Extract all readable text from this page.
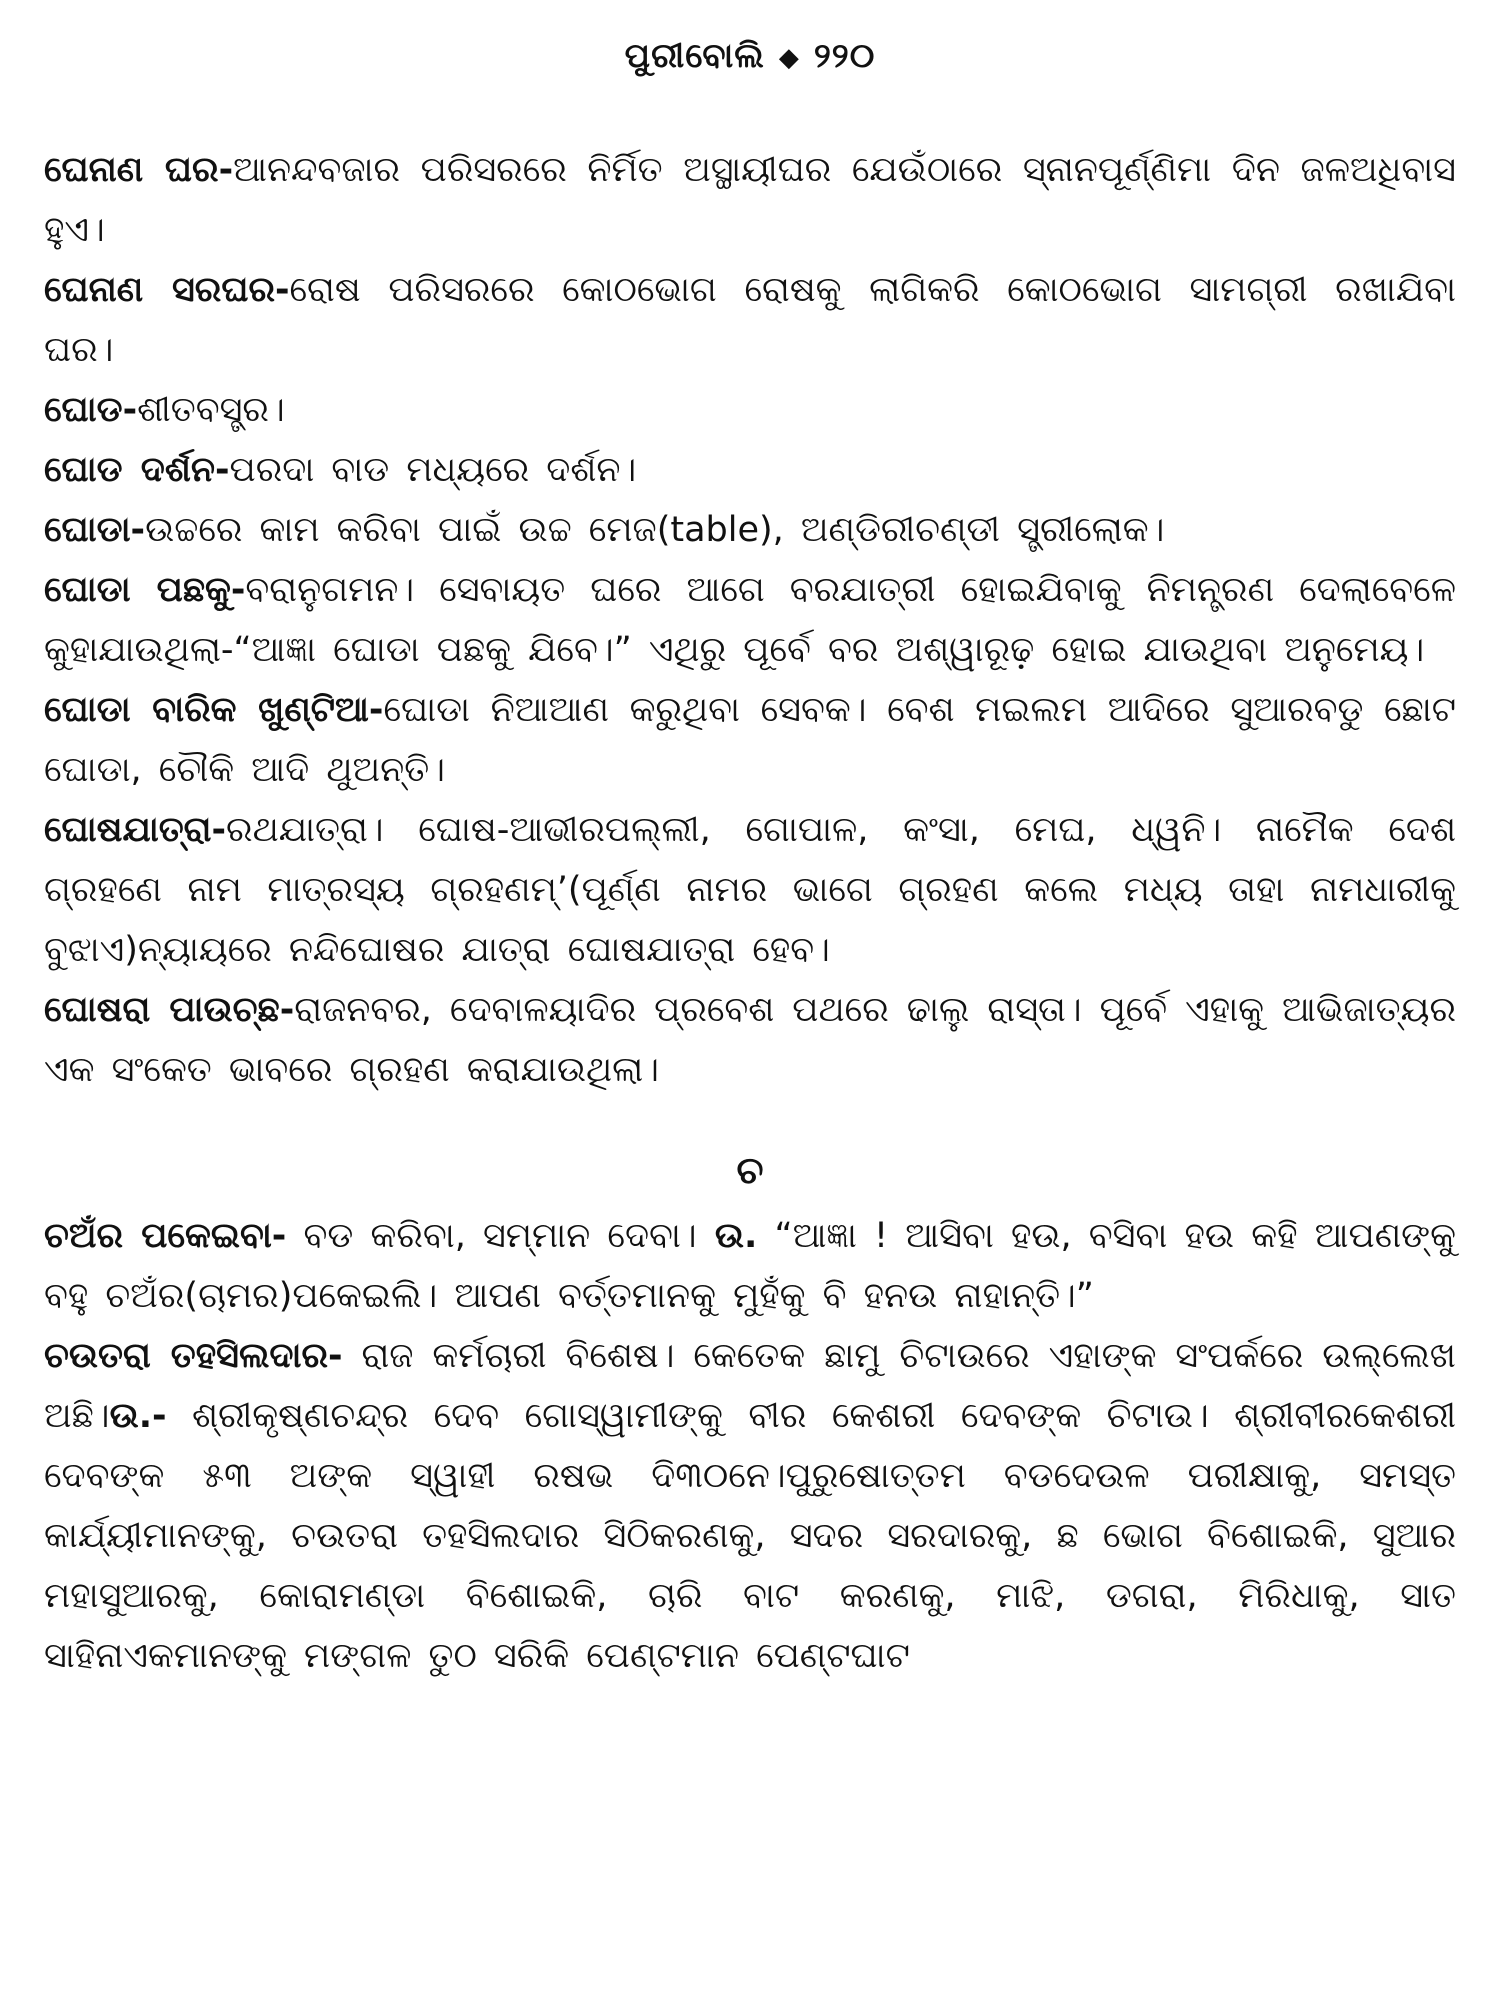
ପୁରୀବୋଲି ◆ ୨୨୦

ଘେନାଣ ଘର-ଆନନ୍ଦବଜାର ପରିସରରେ ନିର୍ମିତ ଅସ୍ଥାୟୀଘର ଯେଉଁଠାରେ ସ୍ନାନପୂର୍ଣ୍ଣିମା ଦିନ ଜଳଅଧିବାସ ହୁଏ।

ଘେନାଣ ସରଘର-ରୋଷ ପରିସରରେ କୋଠଭୋଗ ରୋଷକୁ ଲାଗିକରି କୋଠଭୋଗ ସାମଗ୍ରୀ ରଖାଯିବା ଘର।

ଘୋଡ-ଶୀତବସ୍ତ୍ର।

ଘୋଡ ଦର୍ଶନ-ପରଦା ବାଡ ମଧ୍ୟରେ ଦର୍ଶନ।

ଘୋଡା-ଉଚ୍ଚରେ କାମ କରିବା ପାଇଁ ଉଚ୍ଚ ମେଜ(table), ଅଣ୍ଡିରୀଚଣ୍ଡୀ ସ୍ତ୍ରୀଲୋକ।

ଘୋଡା ପଛକୁ-ବରାନୁଗମନ। ସେବାୟତ ଘରେ ଆଗେ ବରଯାତ୍ରୀ ହୋଇଯିବାକୁ ନିମନ୍ତ୍ରଣ ଦେଲାବେଳେ କୁହାଯାଉଥିଲା-“ଆଜ୍ଞା ଘୋଡା ପଛକୁ ଯିବେ।” ଏଥିରୁ ପୂର୍ବେ ବର ଅଶ୍ୱାରୂଢ଼ ହୋଇ ଯାଉଥିବା ଅନୁମେୟ।

ଘୋଡା ବାରିକ ଖୁଣ୍ଟିଆ-ଘୋଡା ନିଆଆଣ କରୁଥିବା ସେବକ। ବେଶ ମଇଲମ ଆଦିରେ ସୁଆରବଡୁ ଛୋଟ ଘୋଡା, ଚୌକି ଆଦି ଥୁଅନ୍ତି।

ଘୋଷଯାତ୍ରା-ରଥଯାତ୍ରା। ଘୋଷ-ଆଭୀରପଲ୍ଲୀ, ଗୋପାଳ, କଂସା, ମେଘ, ଧ୍ୱନି। ନାମୈକ ଦେଶ ଗ୍ରହଣେ ନାମ ମାତ୍ରସ୍ୟ ଗ୍ରହଣମ୍’(ପୂର୍ଣ୍ଣ ନାମର ଭାଗେ ଗ୍ରହଣ କଲେ ମଧ୍ୟ ତାହା ନାମଧାରୀକୁ ବୁଝାଏ)ନ୍ୟାୟରେ ନନ୍ଦିଘୋଷର ଯାତ୍ରା ଘୋଷଯାତ୍ରା ହେବ।

ଘୋଷରା ପାଉଚ୍ଛ-ରାଜନବର, ଦେବାଳୟାଦିର ପ୍ରବେଶ ପଥରେ ଢାଲୁ ରାସ୍ତା। ପୂର୍ବେ ଏହାକୁ ଆଭିଜାତ୍ୟର ଏକ ସଂକେତ ଭାବରେ ଗ୍ରହଣ କରାଯାଉଥିଲା।

ଚ

ଚଅଁର ପକେଇବା- ବଡ କରିବା, ସମ୍ମାନ ଦେବା। ଉ. “ଆଜ୍ଞା ! ଆସିବା ହଉ, ବସିବା ହଉ କହି ଆପଣଙ୍କୁ ବହୁ ଚଅଁର(ଚାମର)ପକେଇଲି। ଆପଣ ବର୍ତ୍ତମାନକୁ ମୁହଁକୁ ବି ହନଉ ନାହାନ୍ତି।”

ଚଉତରା ତହସିଲଦାର- ରାଜ କର୍ମଚାରୀ ବିଶେଷ। କେତେକ ଛାମୁ ଚିଟାଉରେ ଏହାଙ୍କ ସଂପର୍କରେ ଉଲ୍ଲେଖ ଅଛି।ଉ.- ଶ୍ରୀକୃଷ୍ଣଚନ୍ଦ୍ର ଦେବ ଗୋସ୍ୱାମୀଙ୍କୁ ବୀର କେଶରୀ ଦେବଙ୍କ ଚିଟାଉ। ଶ୍ରୀବୀରକେଶରୀ ଦେବଙ୍କ ୫୩ ଅଙ୍କ ସ୍ୱାହୀ ରଷଭ ଦି୩୦ନେ।ପୁରୁଷୋତ୍ତମ ବଡଦେଉଳ ପରୀକ୍ଷାକୁ, ସମସ୍ତ କାର୍ଯ୍ୟୀମାନଙ୍କୁ, ଚଉତରା ତହସିଲଦାର ସିଠିକରଣକୁ, ସଦର ସରଦାରକୁ, ଛ ଭୋଗ ବିଶୋଇକି, ସୁଆର ମହାସୁଆରକୁ, କୋରାମଣ୍ଡା ବିଶୋଇକି, ଚାରି ବାଟ କରଣକୁ, ମାଝି, ଡଗରା, ମିରିଧାକୁ, ସାତ ସାହିନାଏକମାନଙ୍କୁ ମଙ୍ଗଳ ତୁଠ ସରିକି ପେଣ୍ଟମାନ ପେଣ୍ଟଘାଟ
